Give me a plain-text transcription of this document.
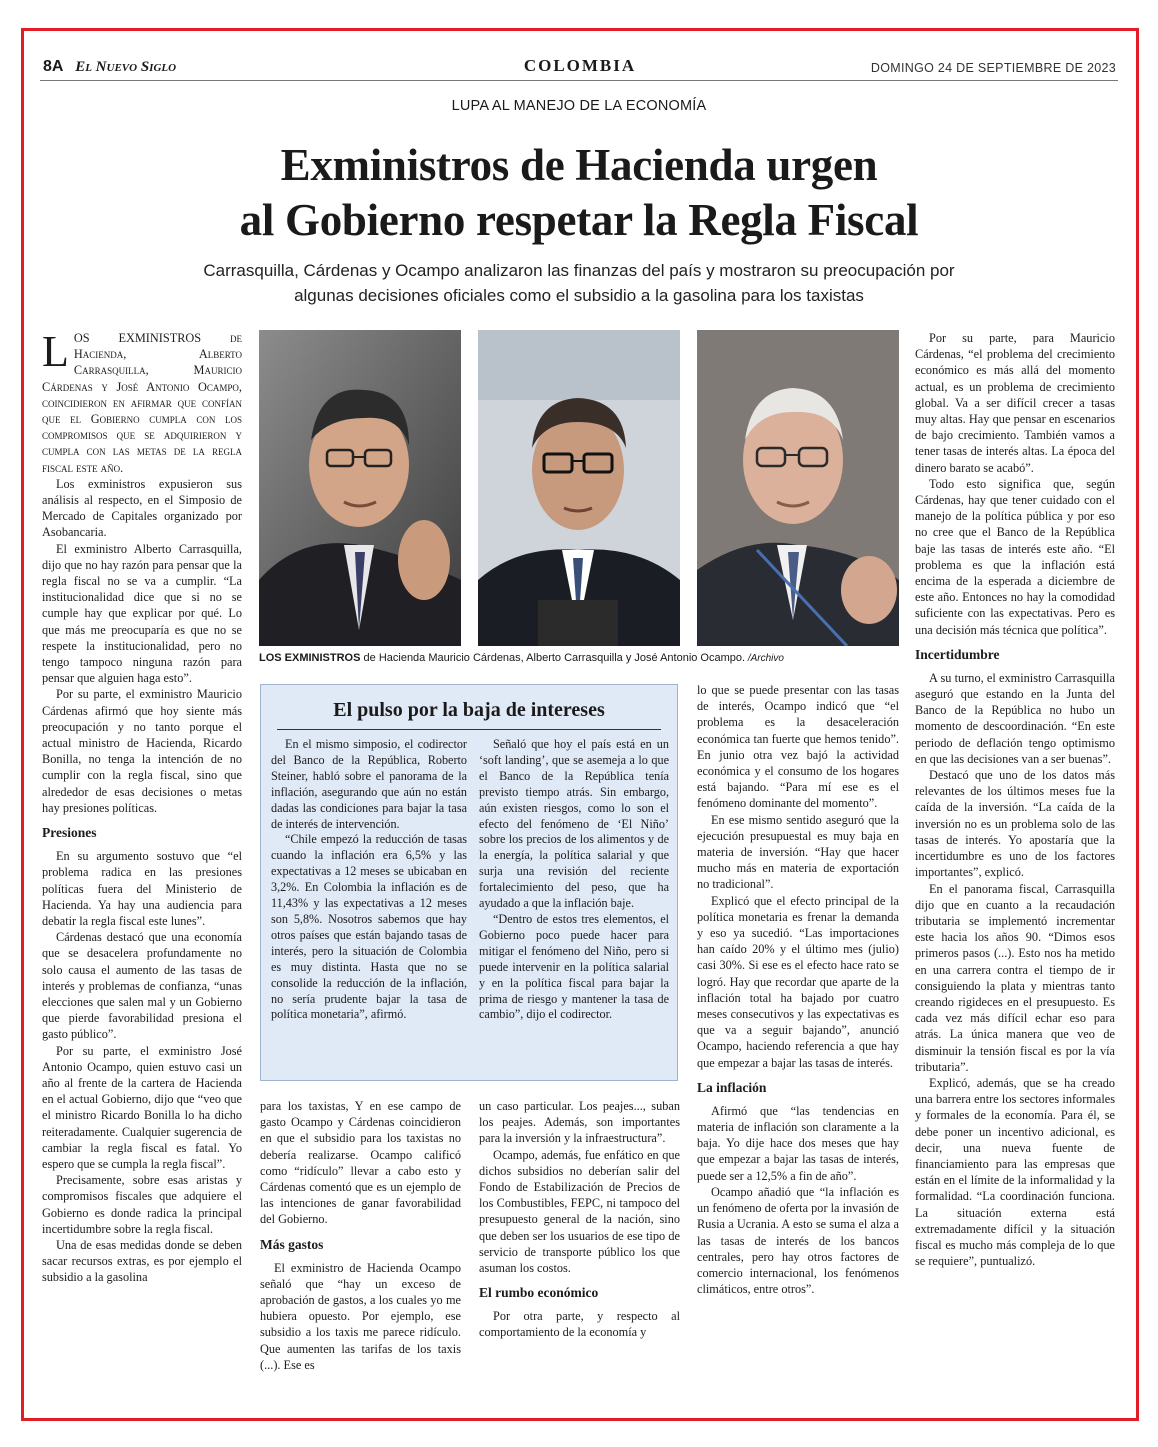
8A El Nuevo Siglo	COLOMBIA	DOMINGO 24 DE SEPTIEMBRE DE 2023
LUPA AL MANEJO DE LA ECONOMÍA
Exministros de Hacienda urgen
al Gobierno respetar la Regla Fiscal
Carrasquilla, Cárdenas y Ocampo analizaron las finanzas del país y mostraron su preocupación por
algunas decisiones oficiales como el subsidio a la gasolina para los taxistas

LOS EXMINISTROS de Hacienda, Alberto Carrasquilla, Mauricio Cárdenas y José Antonio Ocampo, coincidieron en afirmar que confían que el Gobierno cumpla con los compromisos que se adquirieron y cumpla con las metas de la regla fiscal este año.

Los exministros expusieron sus análisis al respecto, en el Simposio de Mercado de Capitales organizado por Asobancaria.

El exministro Alberto Carrasquilla, dijo que no hay razón para pensar que la regla fiscal no se va a cumplir. “La institucionalidad dice que si no se cumple hay que explicar por qué. Lo que más me preocuparía es que no se respete la institucionalidad, pero no tengo tampoco ninguna razón para pensar que alguien haga esto”.

Por su parte, el exministro Mauricio Cárdenas afirmó que hoy siente más preocupación y no tanto porque el actual ministro de Hacienda, Ricardo Bonilla, no tenga la intención de no cumplir con la regla fiscal, sino que alrededor de esas decisiones o metas hay presiones políticas.

Presiones

En su argumento sostuvo que “el problema radica en las presiones políticas fuera del Ministerio de Hacienda. Ya hay una audiencia para debatir la regla fiscal este lunes”.

Cárdenas destacó que una economía que se desacelera profundamente no solo causa el aumento de las tasas de interés y problemas de confianza, “unas elecciones que salen mal y un Gobierno que pierde favorabilidad presiona el gasto público”.

Por su parte, el exministro José Antonio Ocampo, quien estuvo casi un año al frente de la cartera de Hacienda en el actual Gobierno, dijo que “veo que el ministro Ricardo Bonilla lo ha dicho reiteradamente. Cualquier sugerencia de cambiar la regla fiscal es fatal. Yo espero que se cumpla la regla fiscal”.

Precisamente, sobre esas aristas y compromisos fiscales que adquiere el Gobierno es donde radica la principal incertidumbre sobre la regla fiscal.

Una de esas medidas donde se deben sacar recursos extras, es por ejemplo el subsidio a la gasolina

LOS EXMINISTROS de Hacienda Mauricio Cárdenas, Alberto Carrasquilla y José Antonio Ocampo. /Archivo
El pulso por la baja de intereses

En el mismo simposio, el codirector del Banco de la República, Roberto Steiner, habló sobre el panorama de la inflación, asegurando que aún no están dadas las condiciones para bajar la tasa de interés de intervención.

“Chile empezó la reducción de tasas cuando la inflación era 6,5% y las expectativas a 12 meses se ubicaban en 3,2%. En Colombia la inflación es de 11,43% y las expectativas a 12 meses son 5,8%. Nosotros sabemos que hay otros países que están bajando tasas de interés, pero la situación de Colombia es muy distinta. Hasta que no se consolide la reducción de la inflación, no sería prudente bajar la tasa de política monetaria”, afirmó.

Señaló que hoy el país está en un ‘soft landing’, que se asemeja a lo que el Banco de la República tenía previsto tiempo atrás. Sin embargo, aún existen riesgos, como lo son el efecto del fenómeno de ‘El Niño’ sobre los precios de los alimentos y de la energía, la política salarial y que surja una revisión del reciente fortalecimiento del peso, que ha ayudado a que la inflación baje.

“Dentro de estos tres elementos, el Gobierno poco puede hacer para mitigar el fenómeno del Niño, pero si puede intervenir en la política salarial y en la política fiscal para bajar la prima de riesgo y mantener la tasa de cambio”, dijo el codirector.

para los taxistas, Y en ese campo de gasto Ocampo y Cárdenas coincidieron en que el subsidio para los taxistas no debería realizarse. Ocampo calificó como “ridículo” llevar a cabo esto y Cárdenas comentó que es un ejemplo de las intenciones de ganar favorabilidad del Gobierno.

Más gastos

El exministro de Hacienda Ocampo señaló que “hay un exceso de aprobación de gastos, a los cuales yo me hubiera opuesto. Por ejemplo, ese subsidio a los taxis me parece ridículo. Que aumenten las tarifas de los taxis (...). Ese es

un caso particular. Los peajes..., suban los peajes. Además, son importantes para la inversión y la infraestructura”.

Ocampo, además, fue enfático en que dichos subsidios no deberían salir del Fondo de Estabilización de Precios de los Combustibles, FEPC, ni tampoco del presupuesto general de la nación, sino que deben ser los usuarios de ese tipo de servicio de transporte público los que asuman los costos.

El rumbo económico

Por otra parte, y respecto al comportamiento de la economía y

lo que se puede presentar con las tasas de interés, Ocampo indicó que “el problema es la desaceleración económica tan fuerte que hemos tenido”. En junio otra vez bajó la actividad económica y el consumo de los hogares está bajando. “Para mí ese es el fenómeno dominante del momento”.

En ese mismo sentido aseguró que la ejecución presupuestal es muy baja en materia de inversión. “Hay que hacer mucho más en materia de exportación no tradicional”.

Explicó que el efecto principal de la política monetaria es frenar la demanda y eso ya sucedió. “Las importaciones han caído 20% y el último mes (julio) casi 30%. Si ese es el efecto hace rato se logró. Hay que recordar que aparte de la inflación total ha bajado por cuatro meses consecutivos y las expectativas es que va a seguir bajando”, anunció Ocampo, haciendo referencia a que hay que empezar a bajar las tasas de interés.

La inflación

Afirmó que “las tendencias en materia de inflación son claramente a la baja. Yo dije hace dos meses que hay que empezar a bajar las tasas de interés, puede ser a 12,5% a fin de año”.

Ocampo añadió que “la inflación es un fenómeno de oferta por la invasión de Rusia a Ucrania. A esto se suma el alza a las tasas de interés de los bancos centrales, pero hay otros factores de comercio internacional, los fenómenos climáticos, entre otros”.

Por su parte, para Mauricio Cárdenas, “el problema del crecimiento económico es más allá del momento actual, es un problema de crecimiento global. Va a ser difícil crecer a tasas muy altas. Hay que pensar en escenarios de bajo crecimiento. También vamos a tener tasas de interés altas. La época del dinero barato se acabó”.

Todo esto significa que, según Cárdenas, hay que tener cuidado con el manejo de la política pública y por eso no cree que el Banco de la República baje las tasas de interés este año. “El problema es que la inflación está encima de la esperada a diciembre de este año. Entonces no hay la comodidad suficiente con las expectativas. Pero es una decisión más técnica que política”.

Incertidumbre

A su turno, el exministro Carrasquilla aseguró que estando en la Junta del Banco de la República no hubo un momento de descoordinación. “En este periodo de deflación tengo optimismo en que las decisiones van a ser buenas”.

Destacó que uno de los datos más relevantes de los últimos meses fue la caída de la inversión. “La caída de la inversión no es un problema solo de las tasas de interés. Yo apostaría que la incertidumbre es uno de los factores importantes”, explicó.

En el panorama fiscal, Carrasquilla dijo que en cuanto a la recaudación tributaria se implementó incrementar este hacia los años 90. “Dimos esos primeros pasos (...). Esto nos ha metido en una carrera contra el tiempo de ir consiguiendo la plata y mientras tanto creando rigideces en el presupuesto. Es cada vez más difícil echar eso para atrás. La única manera que veo de disminuir la tensión fiscal es por la vía tributaria”.

Explicó, además, que se ha creado una barrera entre los sectores informales y formales de la economía. Para él, se debe poner un incentivo adicional, es decir, una nueva fuente de financiamiento para las empresas que están en el límite de la informalidad y la formalidad. “La coordinación funciona. La situación externa está extremadamente difícil y la situación fiscal es mucho más compleja de lo que se requiere”, puntualizó.
